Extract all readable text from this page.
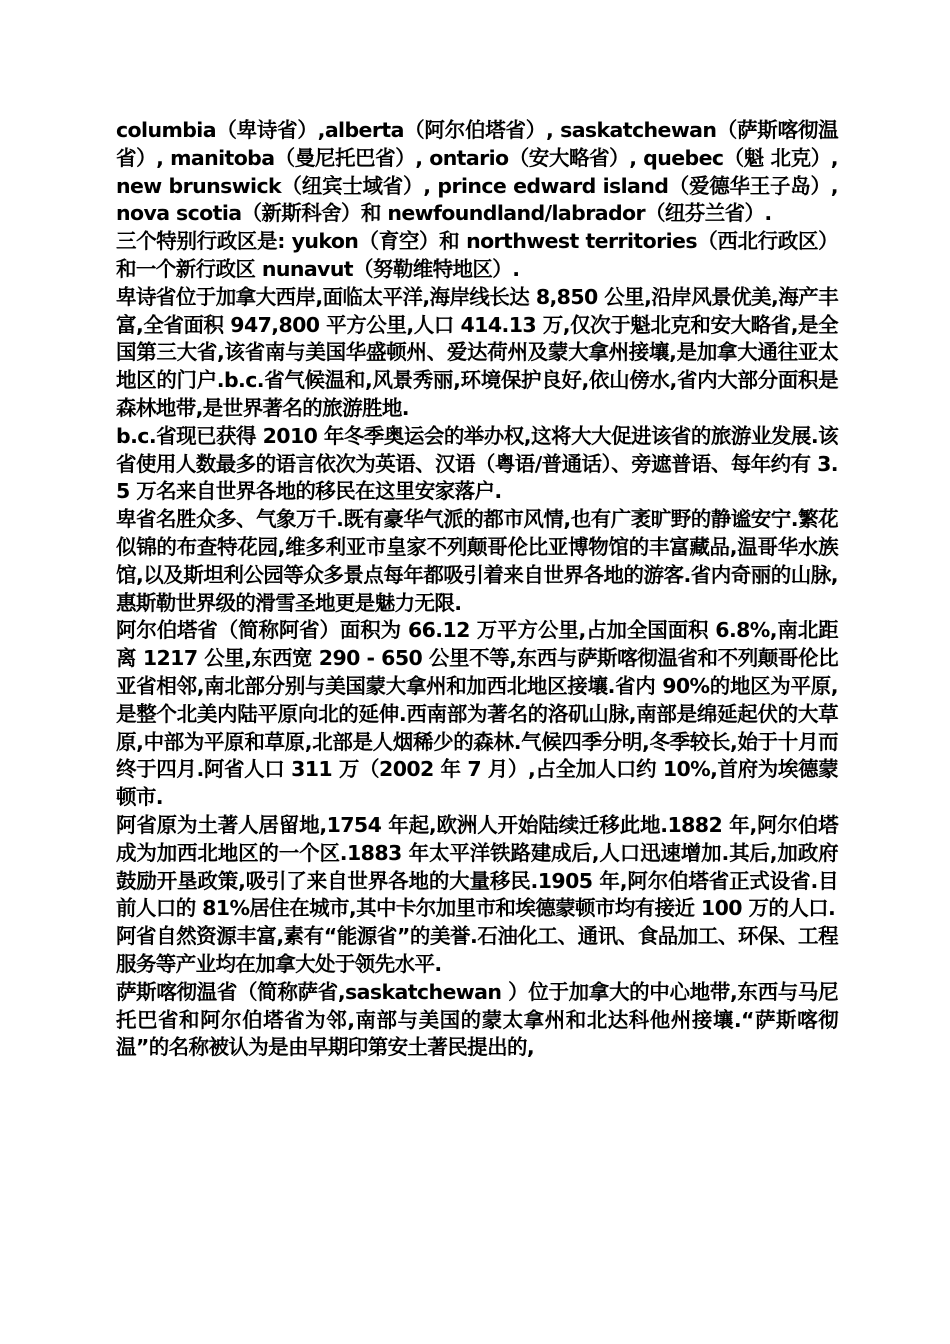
columbia（卑诗省）,alberta（阿尔伯塔省）, saskatchewan（萨斯喀彻温省）, manitoba（曼尼托巴省）, ontario（安大略省）, quebec（魁 北克）, new brunswick（纽宾士域省）, prince edward island（爱德华王子岛）, nova scotia（新斯科舍）和 newfoundland/labrador（纽芬兰省）.

三个特别行政区是: yukon（育空）和 northwest territories（西北行政区）和一个新行政区 nunavut（努勒维特地区）.

卑诗省位于加拿大西岸,面临太平洋,海岸线长达 8,850 公里,沿岸风景优美,海产丰富,全省面积 947,800 平方公里,人口 414.13 万,仅次于魁北克和安大略省,是全国第三大省,该省南与美国华盛顿州、爱达荷州及蒙大拿州接壤,是加拿大通往亚太地区的门户.b.c.省气候温和,风景秀丽,环境保护良好,依山傍水,省内大部分面积是森林地带,是世界著名的旅游胜地.

b.c.省现已获得 2010 年冬季奥运会的举办权,这将大大促进该省的旅游业发展.该省使用人数最多的语言依次为英语、汉语（粤语/普通话）、旁遮普语、每年约有 3.5 万名来自世界各地的移民在这里安家落户.

卑省名胜众多、气象万千.既有豪华气派的都市风情,也有广袤旷野的静谧安宁.繁花似锦的布查特花园,维多利亚市皇家不列颠哥伦比亚博物馆的丰富藏品,温哥华水族馆,以及斯坦利公园等众多景点每年都吸引着来自世界各地的游客.省内奇丽的山脉,惠斯勒世界级的滑雪圣地更是魅力无限.

阿尔伯塔省（简称阿省）面积为 66.12 万平方公里,占加全国面积 6.8%,南北距离 1217 公里,东西宽 290 - 650 公里不等,东西与萨斯喀彻温省和不列颠哥伦比亚省相邻,南北部分别与美国蒙大拿州和加西北地区接壤.省内 90%的地区为平原,是整个北美内陆平原向北的延伸.西南部为著名的洛矶山脉,南部是绵延起伏的大草原,中部为平原和草原,北部是人烟稀少的森林.气候四季分明,冬季较长,始于十月而终于四月.阿省人口 311 万（2002 年 7 月）,占全加人口约 10%,首府为埃德蒙顿市.

阿省原为土著人居留地,1754 年起,欧洲人开始陆续迁移此地.1882 年,阿尔伯塔成为加西北地区的一个区.1883 年太平洋铁路建成后,人口迅速增加.其后,加政府鼓励开垦政策,吸引了来自世界各地的大量移民.1905 年,阿尔伯塔省正式设省.目前人口的 81%居住在城市,其中卡尔加里市和埃德蒙顿市均有接近 100 万的人口.

阿省自然资源丰富,素有“能源省”的美誉.石油化工、通讯、食品加工、环保、工程服务等产业均在加拿大处于领先水平.

萨斯喀彻温省（简称萨省,saskatchewan ）位于加拿大的中心地带,东西与马尼托巴省和阿尔伯塔省为邻,南部与美国的蒙太拿州和北达科他州接壤.“萨斯喀彻温”的名称被认为是由早期印第安土著民提出的,
